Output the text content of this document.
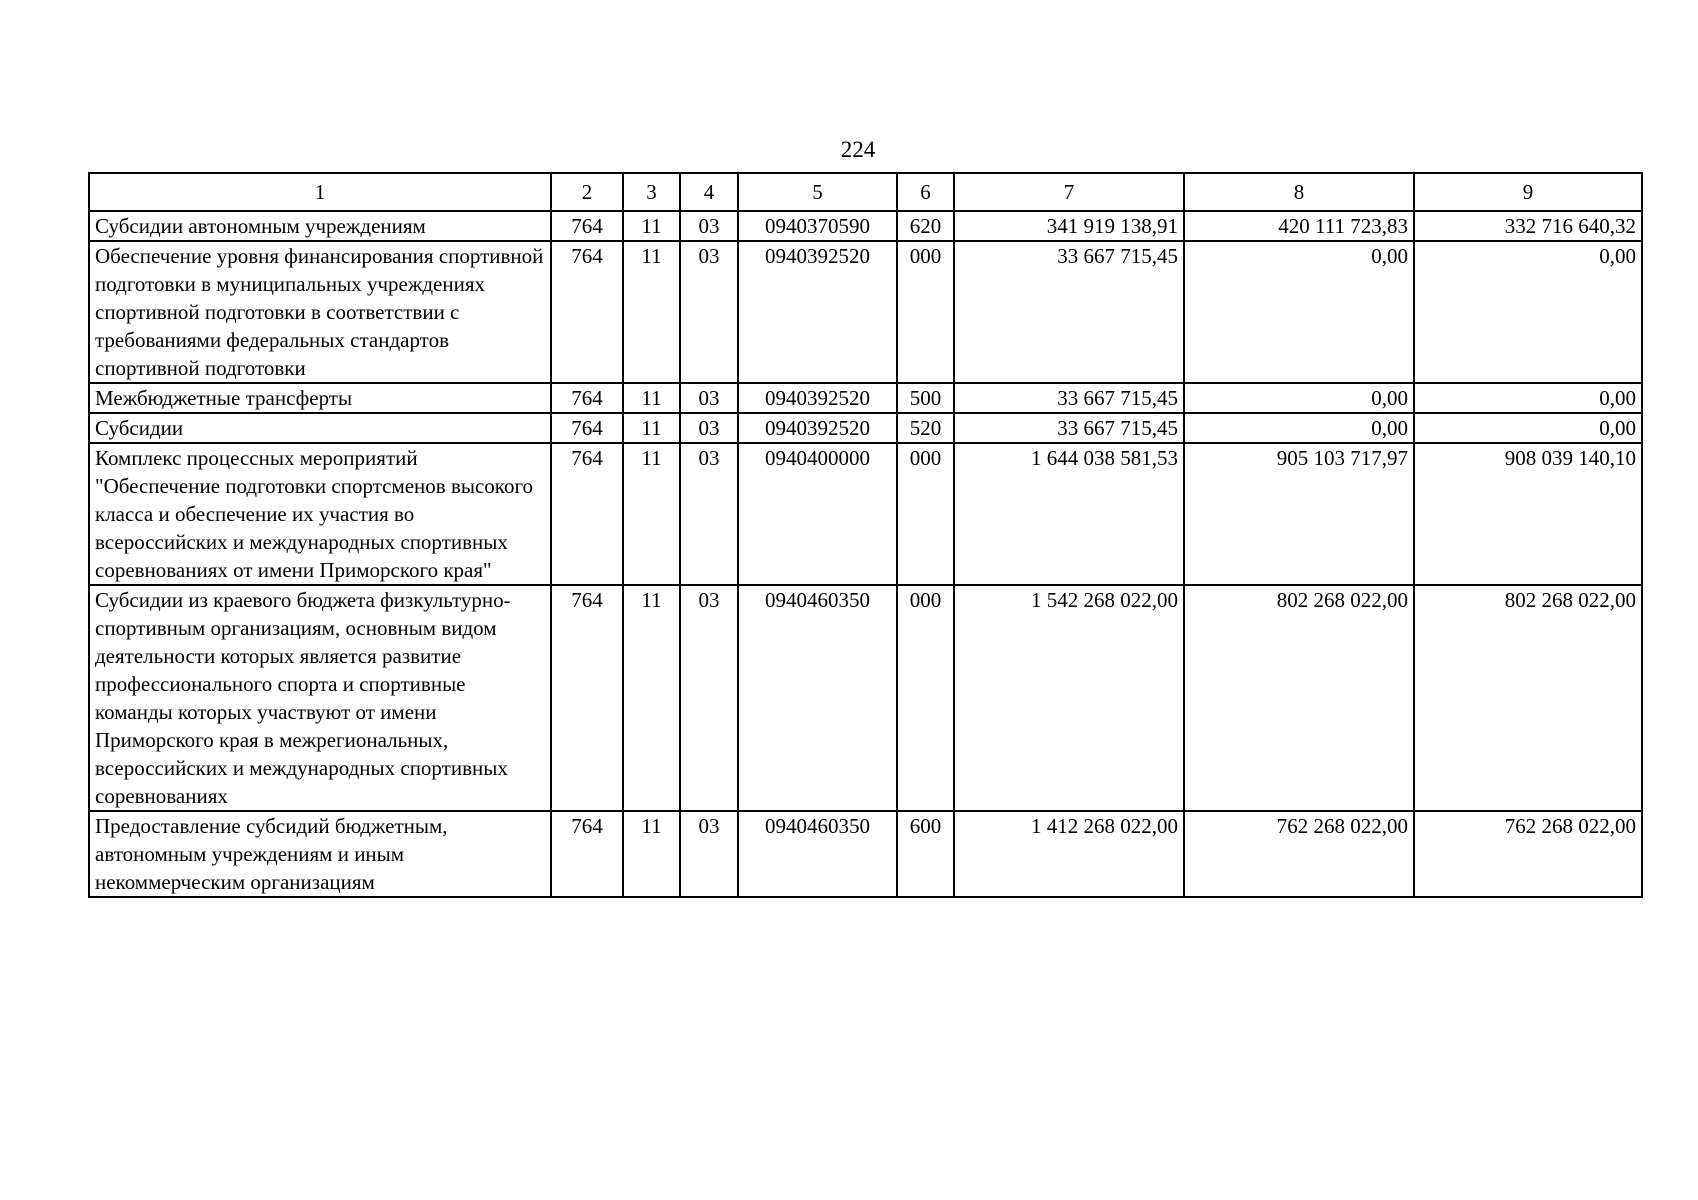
224
1	2	3	4	5	6	7	8	9
Субсидии автономным учреждениям	764	11	03	0940370590	620	341 919 138,91	420 111 723,83	332 716 640,32
Обеспечение уровня финансирования спортивной подготовки в муниципальных учреждениях спортивной подготовки в соответствии с требованиями федеральных стандартов спортивной подготовки	764	11	03	0940392520	000	33 667 715,45	0,00	0,00
Межбюджетные трансферты	764	11	03	0940392520	500	33 667 715,45	0,00	0,00
Субсидии	764	11	03	0940392520	520	33 667 715,45	0,00	0,00
Комплекс процессных мероприятий "Обеспечение подготовки спортсменов высокого класса и обеспечение их участия во всероссийских и международных спортивных соревнованиях от имени Приморского края"	764	11	03	0940400000	000	1 644 038 581,53	905 103 717,97	908 039 140,10
Субсидии из краевого бюджета физкультурно-спортивным организациям, основным видом деятельности которых является развитие профессионального спорта и спортивные команды которых участвуют от имени Приморского края в межрегиональных, всероссийских и международных спортивных соревнованиях	764	11	03	0940460350	000	1 542 268 022,00	802 268 022,00	802 268 022,00
Предоставление субсидий бюджетным, автономным учреждениям и иным некоммерческим организациям	764	11	03	0940460350	600	1 412 268 022,00	762 268 022,00	762 268 022,00
